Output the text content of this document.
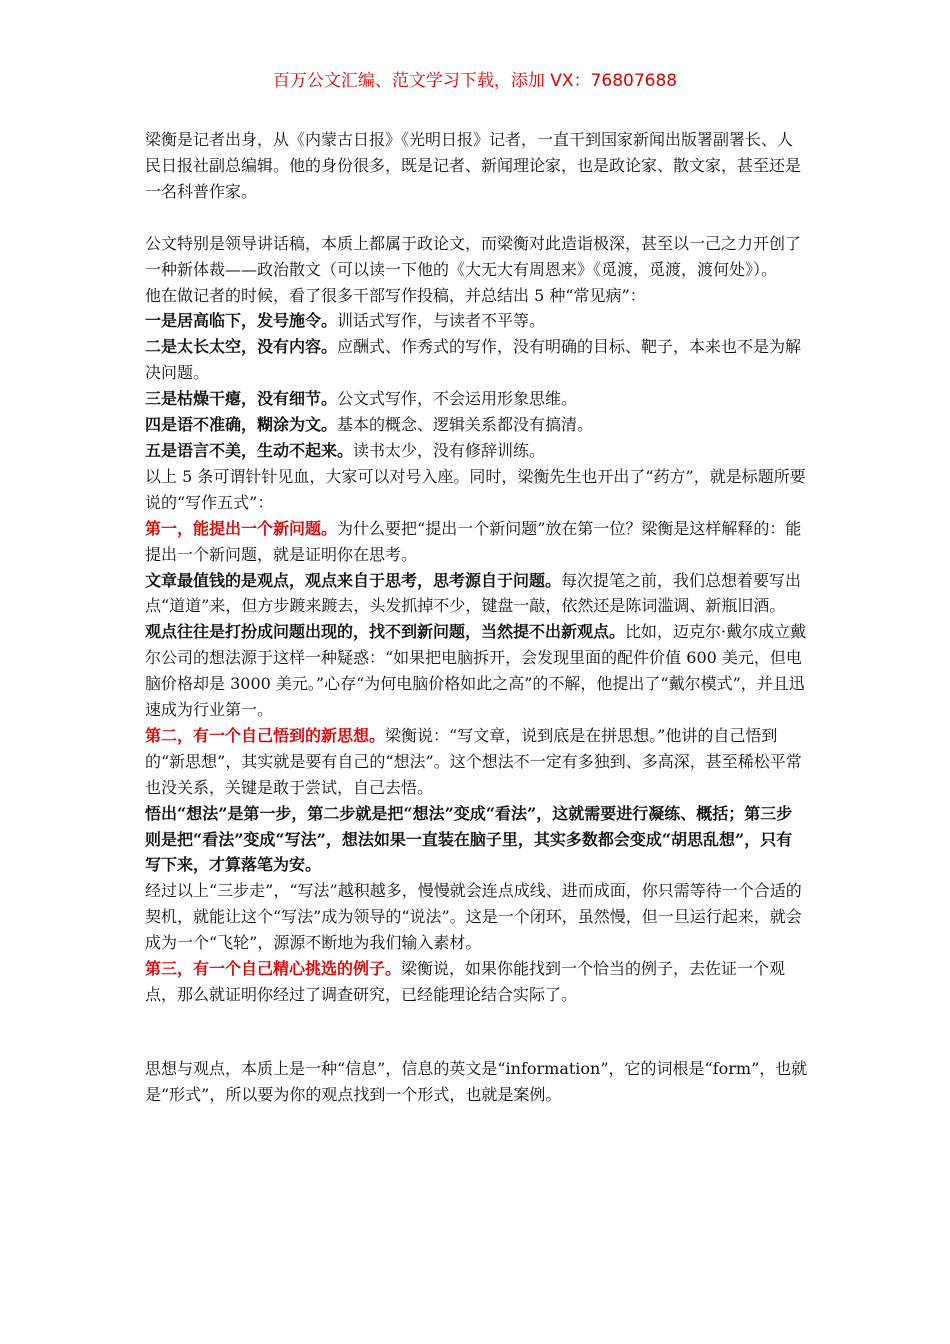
百万公文汇编、范文学习下载，添加 VX：76807688

梁衡是记者出身，从《内蒙古日报》《光明日报》记者，一直干到国家新闻出版署副署长、人民日报社副总编辑。他的身份很多，既是记者、新闻理论家，也是政论家、散文家，甚至还是一名科普作家。

公文特别是领导讲话稿，本质上都属于政论文，而梁衡对此造诣极深，甚至以一己之力开创了一种新体裁——政治散文（可以读一下他的《大无大有周恩来》《觅渡，觅渡，渡何处》）。

他在做记者的时候，看了很多干部写作投稿，并总结出 5 种“常见病”：

一是居高临下，发号施令。训话式写作，与读者不平等。

二是太长太空，没有内容。应酬式、作秀式的写作，没有明确的目标、靶子，本来也不是为解决问题。

三是枯燥干瘪，没有细节。公文式写作，不会运用形象思维。

四是语不准确，糊涂为文。基本的概念、逻辑关系都没有搞清。

五是语言不美，生动不起来。读书太少，没有修辞训练。

以上 5 条可谓针针见血，大家可以对号入座。同时，梁衡先生也开出了“药方”，就是标题所要说的“写作五式”：

第一，能提出一个新问题。为什么要把“提出一个新问题”放在第一位？梁衡是这样解释的：能提出一个新问题，就是证明你在思考。

文章最值钱的是观点，观点来自于思考，思考源自于问题。每次提笔之前，我们总想着要写出点“道道”来，但方步踱来踱去，头发抓掉不少，键盘一敲，依然还是陈词滥调、新瓶旧酒。

观点往往是打扮成问题出现的，找不到新问题，当然提不出新观点。比如，迈克尔·戴尔成立戴尔公司的想法源于这样一种疑惑：“如果把电脑拆开，会发现里面的配件价值 600 美元，但电脑价格却是 3000 美元。”心存“为何电脑价格如此之高”的不解，他提出了“戴尔模式”，并且迅速成为行业第一。

第二，有一个自己悟到的新思想。梁衡说：“写文章，说到底是在拼思想。”他讲的自己悟到的“新思想”，其实就是要有自己的“想法”。这个想法不一定有多独到、多高深，甚至稀松平常也没关系，关键是敢于尝试，自己去悟。

悟出“想法”是第一步，第二步就是把“想法”变成“看法”，这就需要进行凝练、概括；第三步则是把“看法”变成“写法”，想法如果一直装在脑子里，其实多数都会变成“胡思乱想”，只有写下来，才算落笔为安。

经过以上“三步走”，“写法”越积越多，慢慢就会连点成线、进而成面，你只需等待一个合适的契机，就能让这个“写法”成为领导的“说法”。这是一个闭环，虽然慢，但一旦运行起来，就会成为一个“飞轮”，源源不断地为我们输入素材。

第三，有一个自己精心挑选的例子。梁衡说，如果你能找到一个恰当的例子，去佐证一个观点，那么就证明你经过了调查研究，已经能理论结合实际了。

思想与观点，本质上是一种“信息”，信息的英文是“information”，它的词根是“form”，也就是“形式”，所以要为你的观点找到一个形式，也就是案例。
